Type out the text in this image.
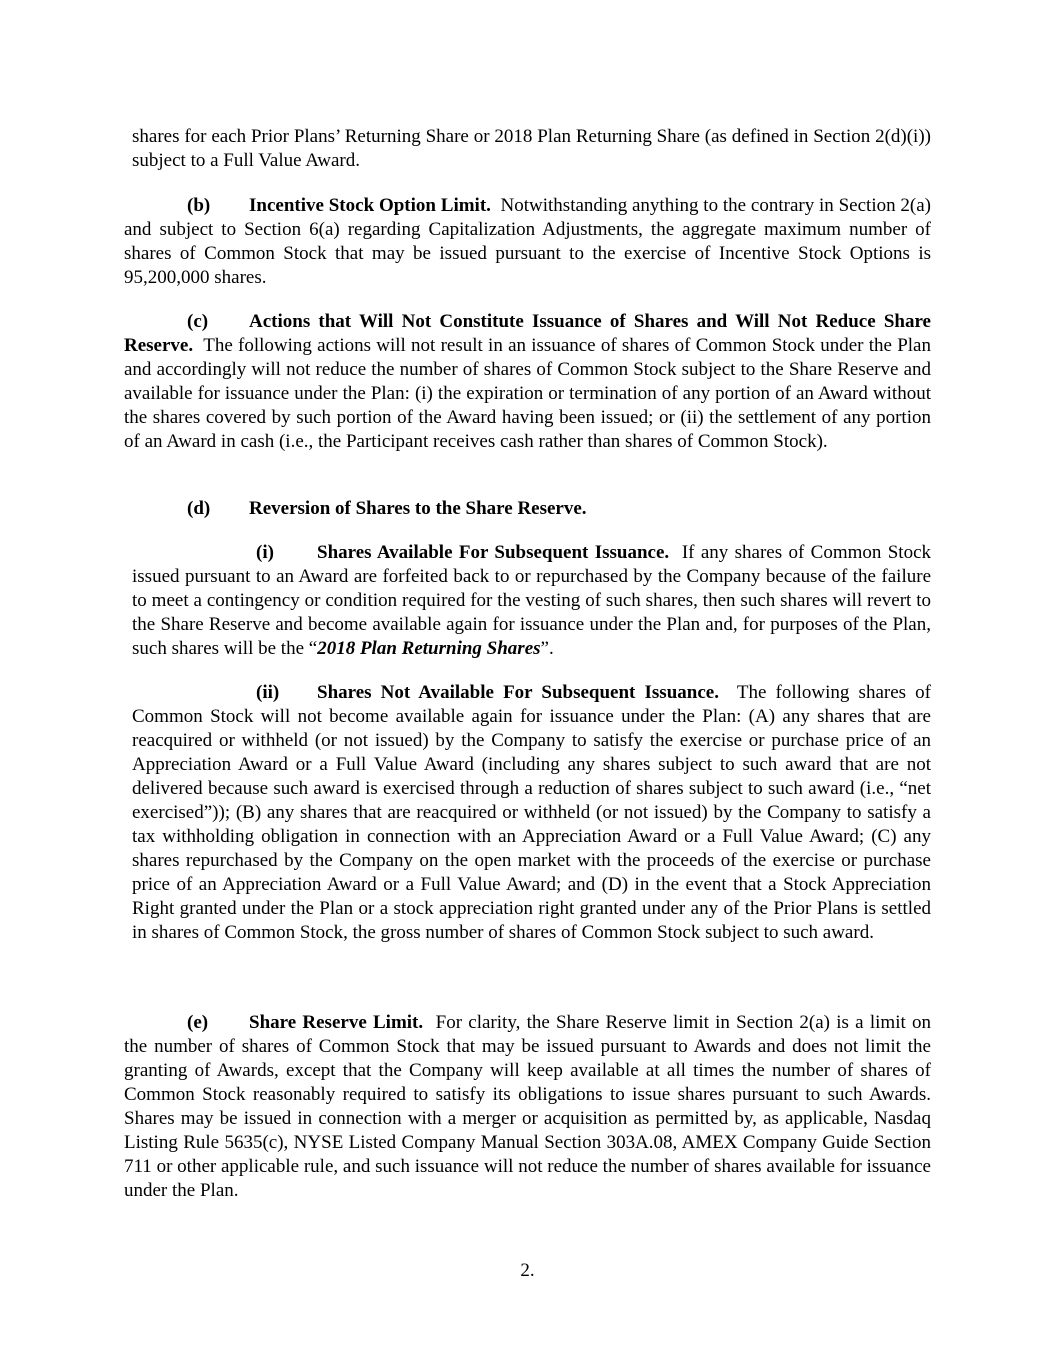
shares for each Prior Plans’ Returning Share or 2018 Plan Returning Share (as defined in Section 2(d)(i)) subject to a Full Value Award.

(b) Incentive Stock Option Limit. Notwithstanding anything to the contrary in Section 2(a) and subject to Section 6(a) regarding Capitalization Adjustments, the aggregate maximum number of shares of Common Stock that may be issued pursuant to the exercise of Incentive Stock Options is 95,200,000 shares.

(c) Actions that Will Not Constitute Issuance of Shares and Will Not Reduce Share Reserve. The following actions will not result in an issuance of shares of Common Stock under the Plan and accordingly will not reduce the number of shares of Common Stock subject to the Share Reserve and available for issuance under the Plan: (i) the expiration or termination of any portion of an Award without the shares covered by such portion of the Award having been issued; or (ii) the settlement of any portion of an Award in cash (i.e., the Participant receives cash rather than shares of Common Stock).

(d) Reversion of Shares to the Share Reserve.

(i) Shares Available For Subsequent Issuance. If any shares of Common Stock issued pursuant to an Award are forfeited back to or repurchased by the Company because of the failure to meet a contingency or condition required for the vesting of such shares, then such shares will revert to the Share Reserve and become available again for issuance under the Plan and, for purposes of the Plan, such shares will be the “2018 Plan Returning Shares”.

(ii) Shares Not Available For Subsequent Issuance. The following shares of Common Stock will not become available again for issuance under the Plan: (A) any shares that are reacquired or withheld (or not issued) by the Company to satisfy the exercise or purchase price of an Appreciation Award or a Full Value Award (including any shares subject to such award that are not delivered because such award is exercised through a reduction of shares subject to such award (i.e., “net exercised”)); (B) any shares that are reacquired or withheld (or not issued) by the Company to satisfy a tax withholding obligation in connection with an Appreciation Award or a Full Value Award; (C) any shares repurchased by the Company on the open market with the proceeds of the exercise or purchase price of an Appreciation Award or a Full Value Award; and (D) in the event that a Stock Appreciation Right granted under the Plan or a stock appreciation right granted under any of the Prior Plans is settled in shares of Common Stock, the gross number of shares of Common Stock subject to such award.

(e) Share Reserve Limit. For clarity, the Share Reserve limit in Section 2(a) is a limit on the number of shares of Common Stock that may be issued pursuant to Awards and does not limit the granting of Awards, except that the Company will keep available at all times the number of shares of Common Stock reasonably required to satisfy its obligations to issue shares pursuant to such Awards. Shares may be issued in connection with a merger or acquisition as permitted by, as applicable, Nasdaq Listing Rule 5635(c), NYSE Listed Company Manual Section 303A.08, AMEX Company Guide Section 711 or other applicable rule, and such issuance will not reduce the number of shares available for issuance under the Plan.

2.
